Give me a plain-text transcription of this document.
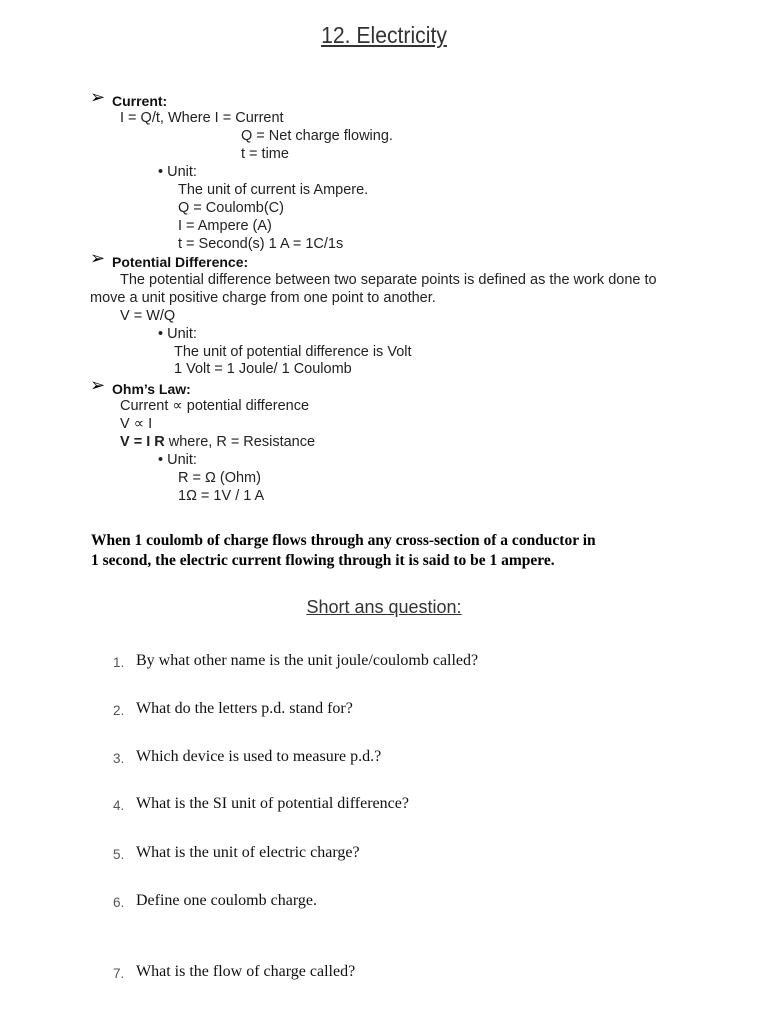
12. Electricity
➢ Current:
I = Q/t, Where I = Current
Q = Net charge flowing.
t = time
• Unit:
The unit of current is Ampere.
Q = Coulomb(C)
I = Ampere (A)
t = Second(s) 1 A = 1C/1s
➢ Potential Difference:
The potential difference between two separate points is defined as the work done to
move a unit positive charge from one point to another.
V = W/Q
• Unit:
The unit of potential difference is Volt
1 Volt = 1 Joule/ 1 Coulomb
➢ Ohm’s Law:
Current ∝ potential difference
V ∝ I
V = I R where, R = Resistance
• Unit:
R = Ω (Ohm)
1Ω = 1V / 1 A
When 1 coulomb of charge flows through any cross-section of a conductor in
1 second, the electric current flowing through it is said to be 1 ampere.
Short ans question:
1. By what other name is the unit joule/coulomb called?
2. What do the letters p.d. stand for?
3. Which device is used to measure p.d.?
4. What is the SI unit of potential difference?
5. What is the unit of electric charge?
6. Define one coulomb charge.
7. What is the flow of charge called?
